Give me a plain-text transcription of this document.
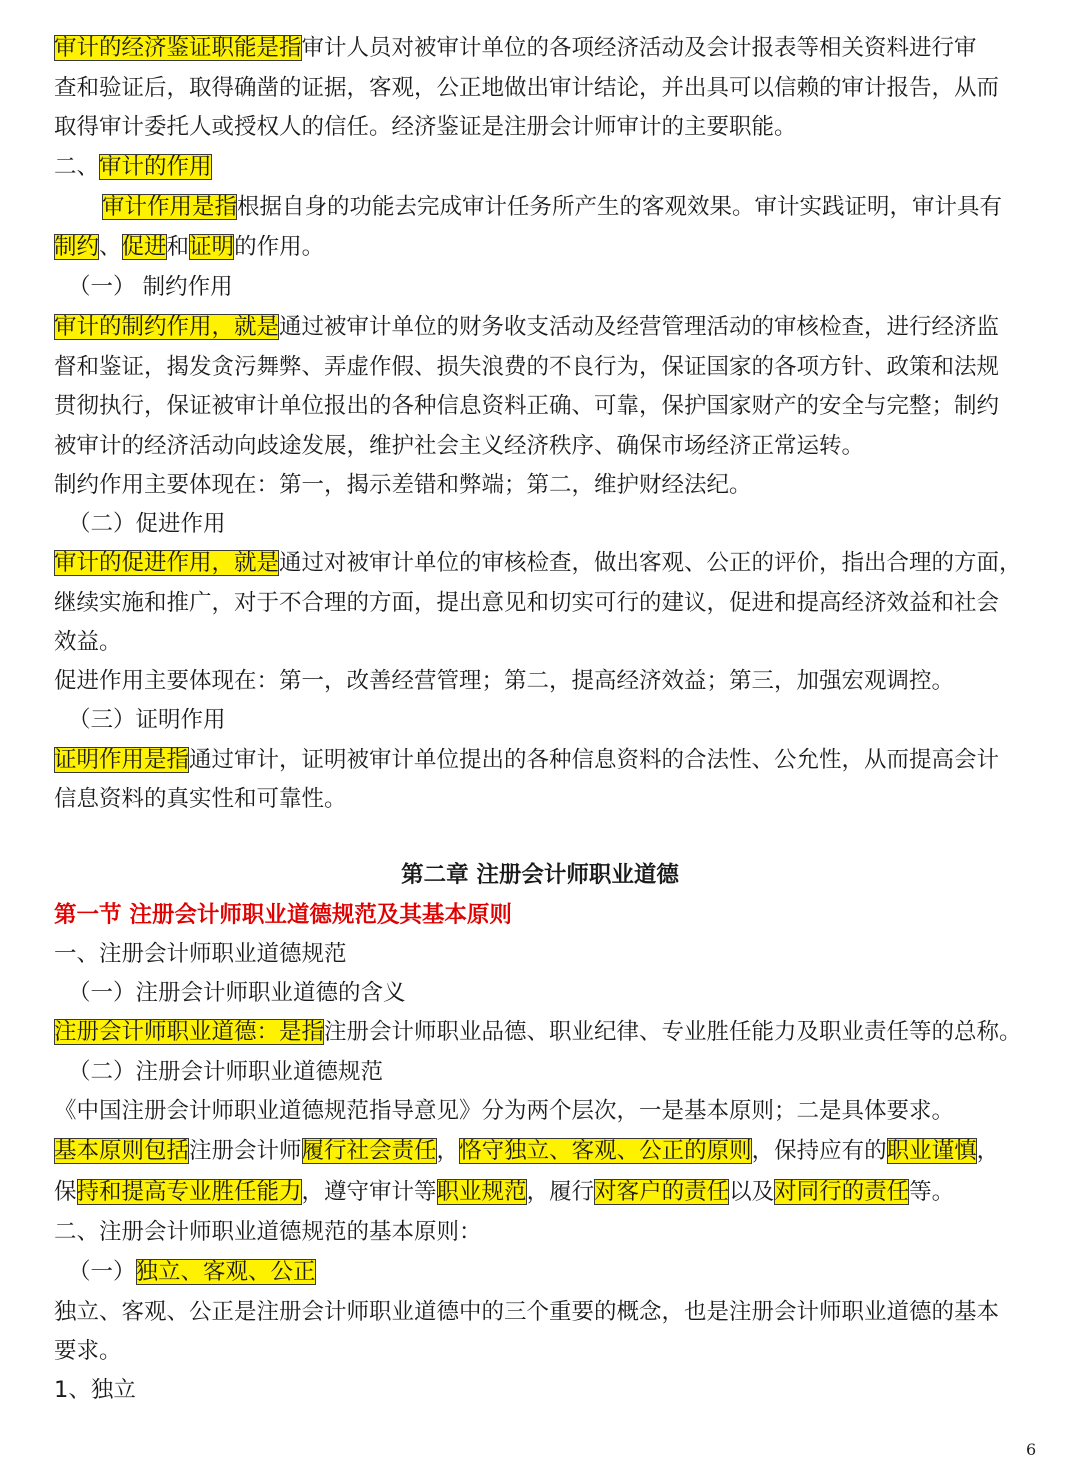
审计的经济鉴证职能是指审计人员对被审计单位的各项经济活动及会计报表等相关资料进行审
查和验证后，取得确凿的证据，客观，公正地做出审计结论，并出具可以信赖的审计报告，从而
取得审计委托人或授权人的信任。经济鉴证是注册会计师审计的主要职能。
二、审计的作用
审计作用是指根据自身的功能去完成审计任务所产生的客观效果。审计实践证明，审计具有
制约、促进和证明的作用。
（一） 制约作用
审计的制约作用，就是通过被审计单位的财务收支活动及经营管理活动的审核检查，进行经济监
督和鉴证，揭发贪污舞弊、弄虚作假、损失浪费的不良行为，保证国家的各项方针、政策和法规
贯彻执行，保证被审计单位报出的各种信息资料正确、可靠，保护国家财产的安全与完整；制约
被审计的经济活动向歧途发展，维护社会主义经济秩序、确保市场经济正常运转。
制约作用主要体现在：第一，揭示差错和弊端；第二，维护财经法纪。
（二）促进作用
审计的促进作用，就是通过对被审计单位的审核检查，做出客观、公正的评价，指出合理的方面，
继续实施和推广，对于不合理的方面，提出意见和切实可行的建议，促进和提高经济效益和社会
效益。
促进作用主要体现在：第一，改善经营管理；第二，提高经济效益；第三，加强宏观调控。
（三）证明作用
证明作用是指通过审计，证明被审计单位提出的各种信息资料的合法性、公允性，从而提高会计
信息资料的真实性和可靠性。
第二章 注册会计师职业道德
第一节 注册会计师职业道德规范及其基本原则
一、注册会计师职业道德规范
（一）注册会计师职业道德的含义
注册会计师职业道德：是指注册会计师职业品德、职业纪律、专业胜任能力及职业责任等的总称。
（二）注册会计师职业道德规范
《中国注册会计师职业道德规范指导意见》分为两个层次，一是基本原则；二是具体要求。
基本原则包括注册会计师履行社会责任，恪守独立、客观、公正的原则，保持应有的职业谨慎，
保持和提高专业胜任能力，遵守审计等职业规范，履行对客户的责任以及对同行的责任等。
二、注册会计师职业道德规范的基本原则：
（一）独立、客观、公正
独立、客观、公正是注册会计师职业道德中的三个重要的概念，也是注册会计师职业道德的基本
要求。
1、独立
6
